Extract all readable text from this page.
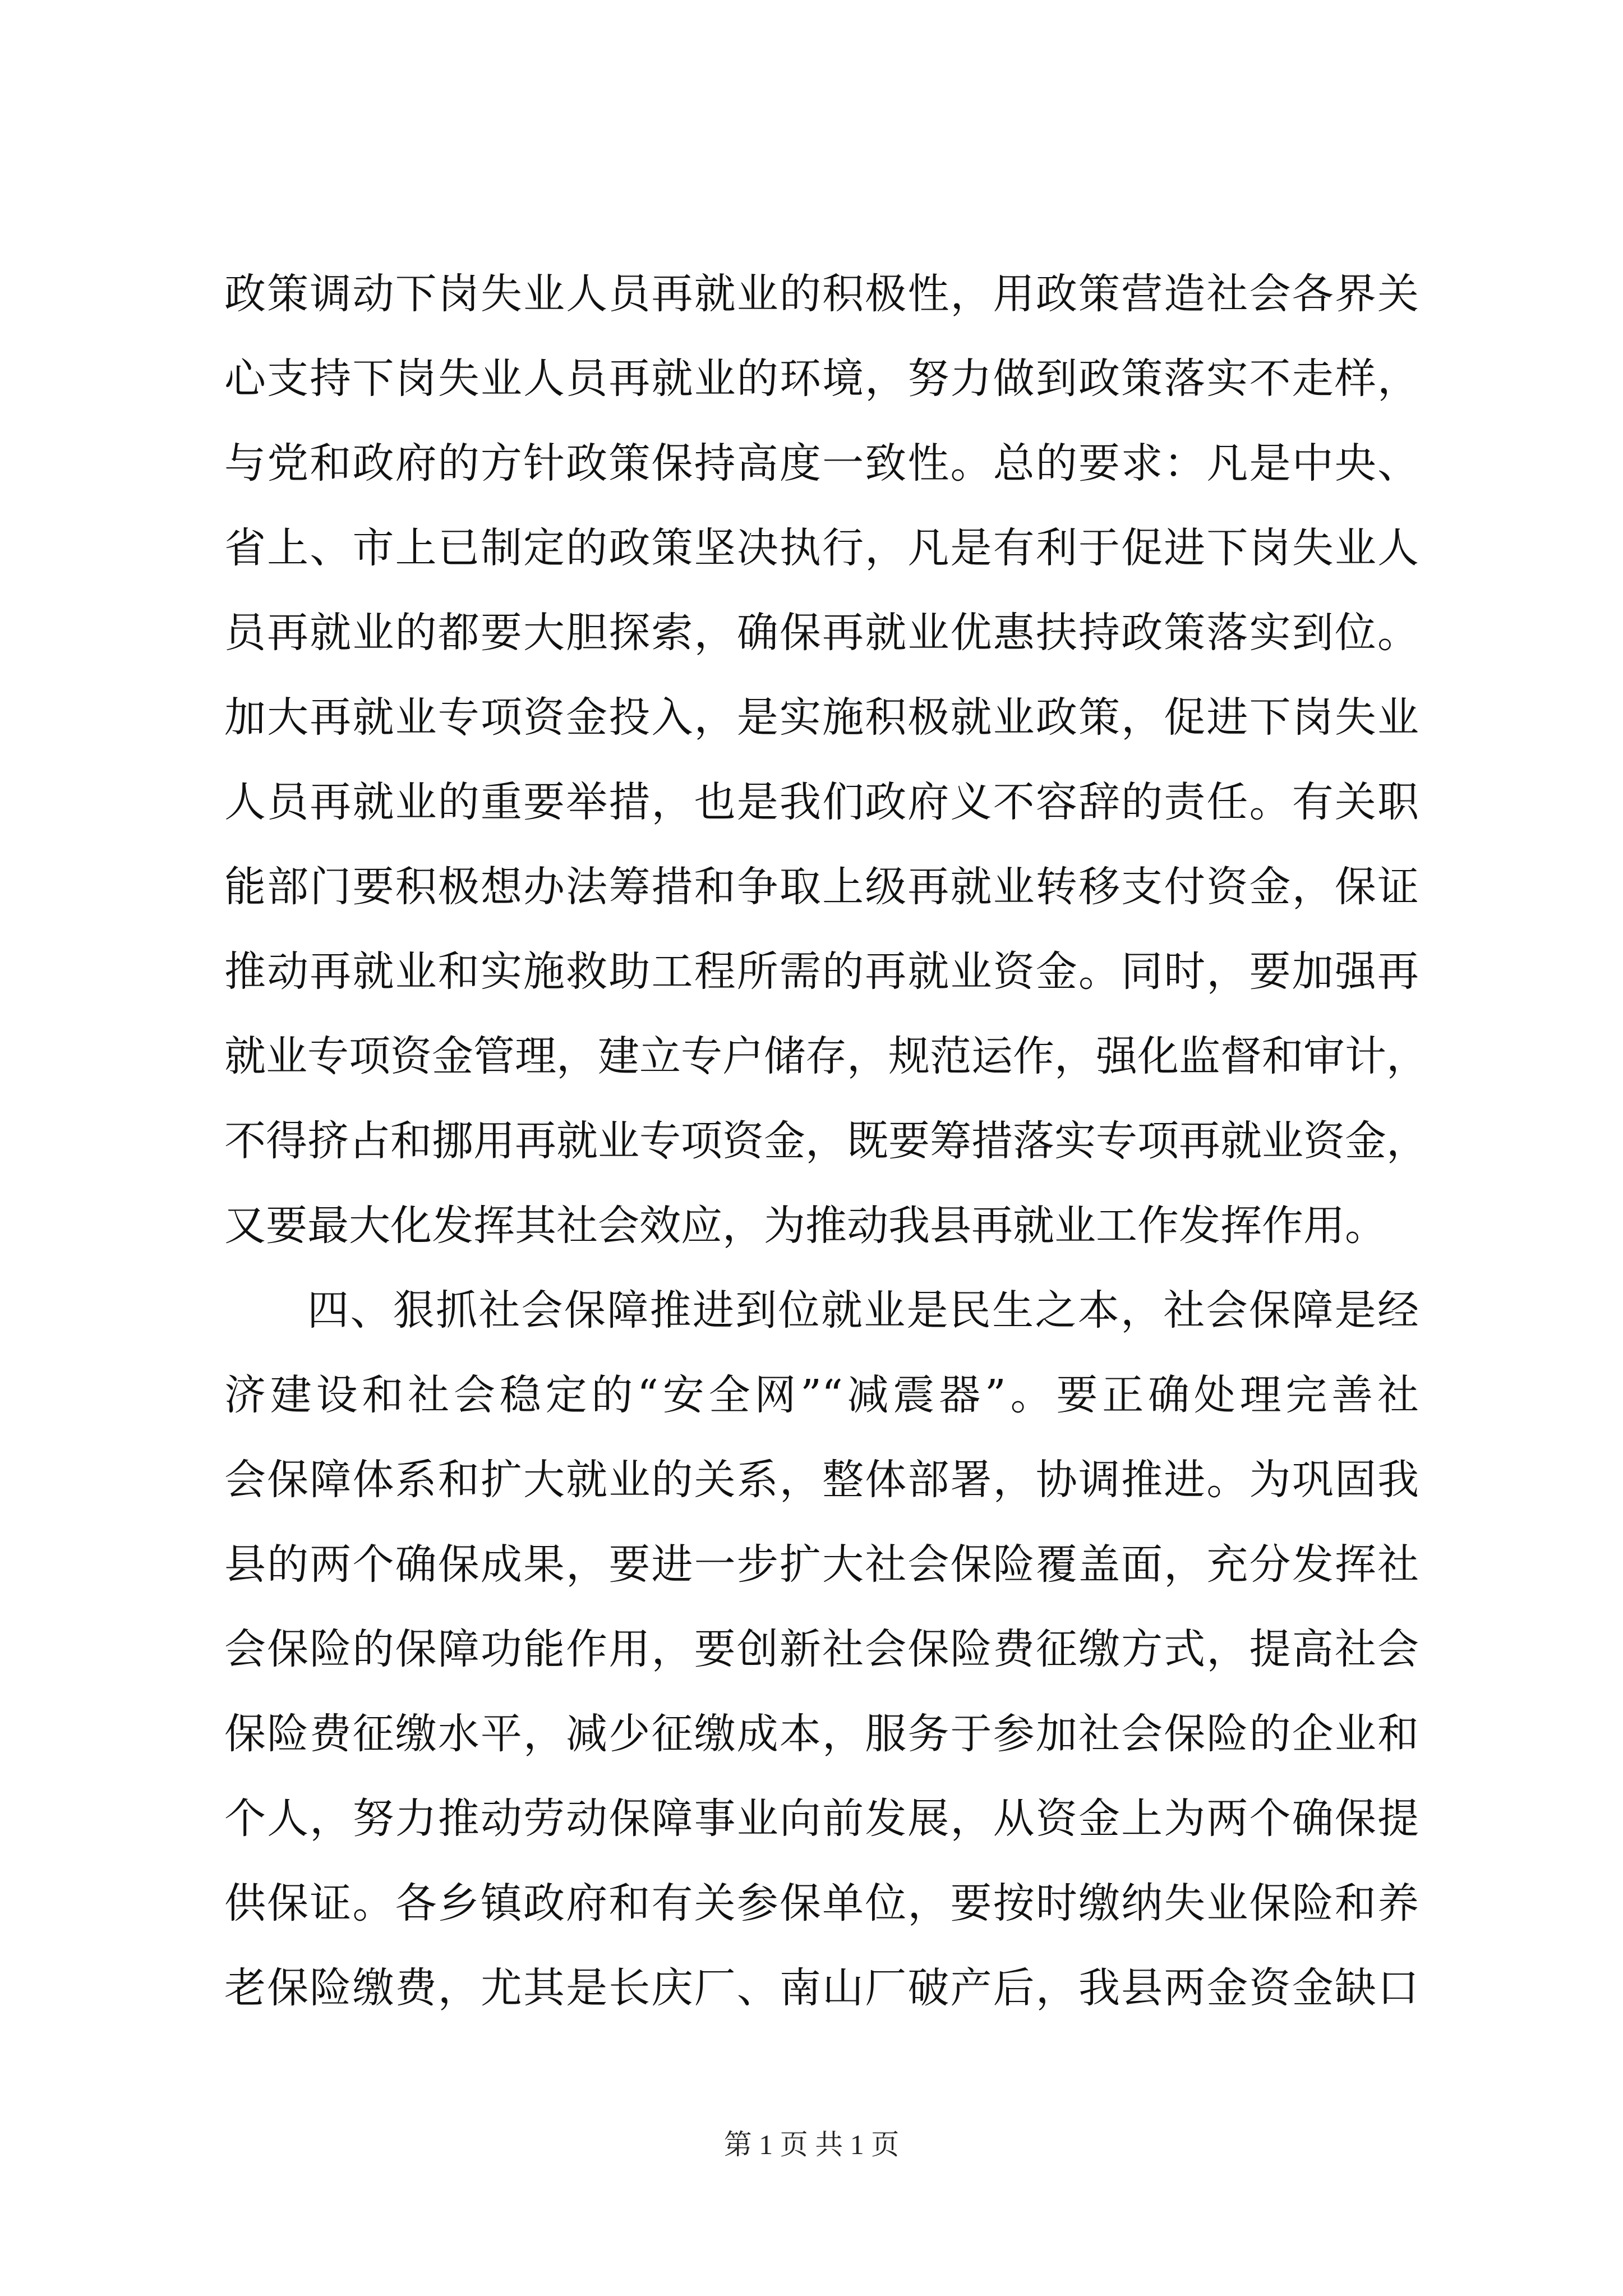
政策调动下岗失业人员再就业的积极性，用政策营造社会各界关
心支持下岗失业人员再就业的环境，努力做到政策落实不走样，
与党和政府的方针政策保持高度一致性。总的要求：凡是中央、
省上、市上已制定的政策坚决执行，凡是有利于促进下岗失业人
员再就业的都要大胆探索，确保再就业优惠扶持政策落实到位。
加大再就业专项资金投入，是实施积极就业政策，促进下岗失业
人员再就业的重要举措，也是我们政府义不容辞的责任。有关职
能部门要积极想办法筹措和争取上级再就业转移支付资金，保证
推动再就业和实施救助工程所需的再就业资金。同时，要加强再
就业专项资金管理，建立专户储存，规范运作，强化监督和审计，
不得挤占和挪用再就业专项资金，既要筹措落实专项再就业资金，
又要最大化发挥其社会效应，为推动我县再就业工作发挥作用。
四、狠抓社会保障推进到位就业是民生之本，社会保障是经
济建设和社会稳定的“安全网”“减震器”。要正确处理完善社
会保障体系和扩大就业的关系，整体部署，协调推进。为巩固我
县的两个确保成果，要进一步扩大社会保险覆盖面，充分发挥社
会保险的保障功能作用，要创新社会保险费征缴方式，提高社会
保险费征缴水平，减少征缴成本，服务于参加社会保险的企业和
个人，努力推动劳动保障事业向前发展，从资金上为两个确保提
供保证。各乡镇政府和有关参保单位，要按时缴纳失业保险和养
老保险缴费，尤其是长庆厂、南山厂破产后，我县两金资金缺口
第 1 页 共 1 页
